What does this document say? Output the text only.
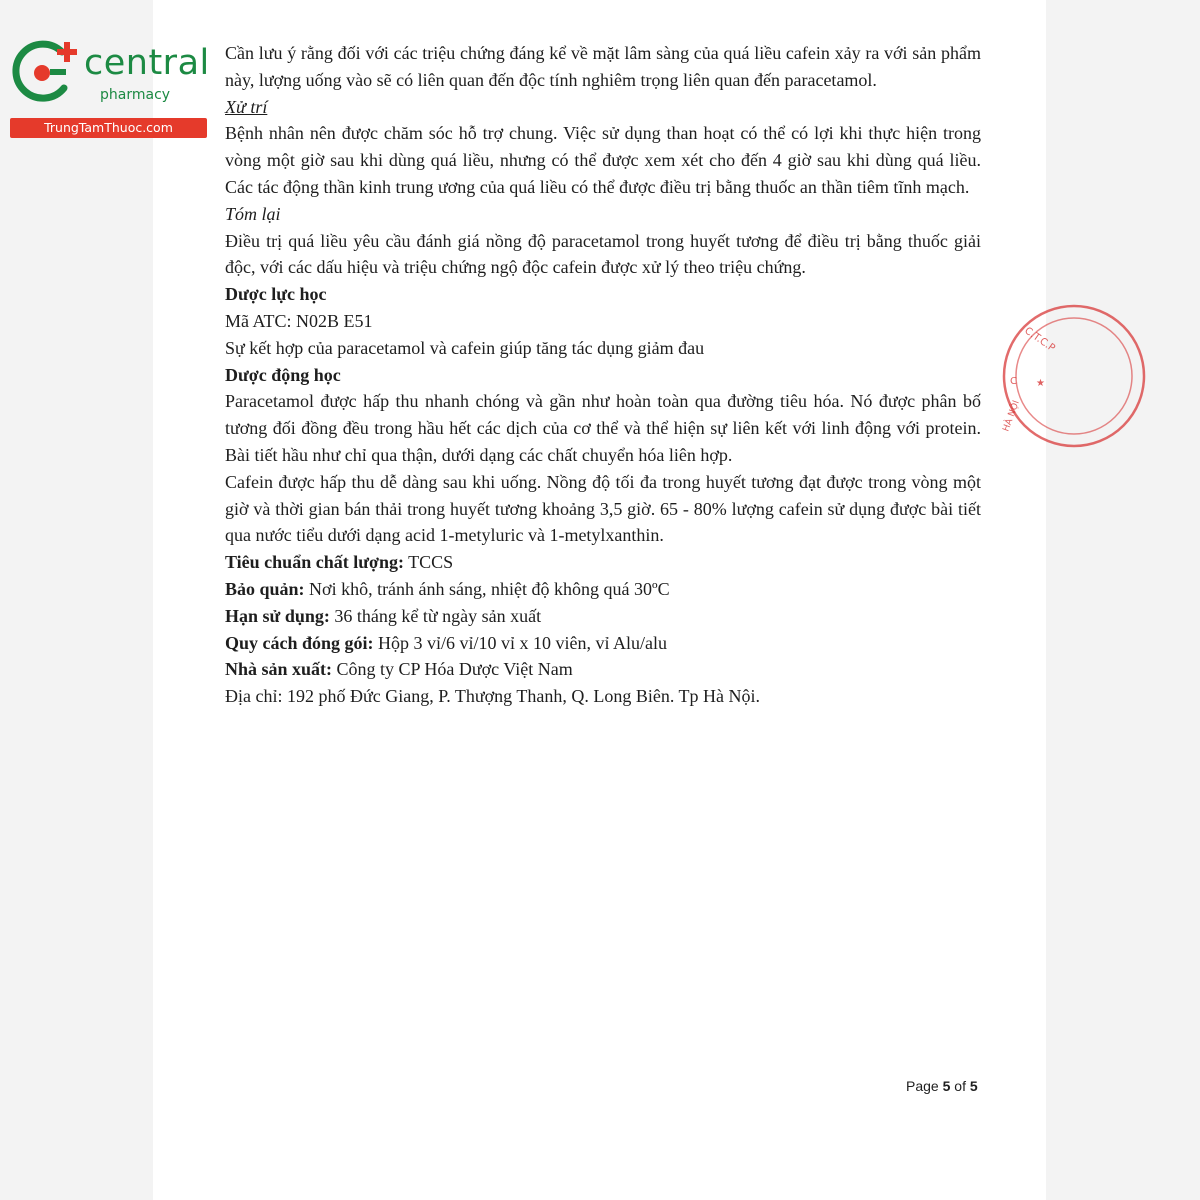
central
pharmacy
TrungTamThuoc.com

Cần lưu ý rằng đối với các triệu chứng đáng kể về mặt lâm sàng của quá liều cafein xảy ra với sản phẩm này, lượng uống vào sẽ có liên quan đến độc tính nghiêm trọng liên quan đến paracetamol.

Xử trí

Bệnh nhân nên được chăm sóc hỗ trợ chung. Việc sử dụng than hoạt có thể có lợi khi thực hiện trong vòng một giờ sau khi dùng quá liều, nhưng có thể được xem xét cho đến 4 giờ sau khi dùng quá liều. Các tác động thần kinh trung ương của quá liều có thể được điều trị bằng thuốc an thần tiêm tĩnh mạch.

Tóm lại

Điều trị quá liều yêu cầu đánh giá nồng độ paracetamol trong huyết tương để điều trị bằng thuốc giải độc, với các dấu hiệu và triệu chứng ngộ độc cafein được xử lý theo triệu chứng.

Dược lực học

Mã ATC: N02B E51

Sự kết hợp của paracetamol và cafein giúp tăng tác dụng giảm đau

Dược động học

Paracetamol được hấp thu nhanh chóng và gần như hoàn toàn qua đường tiêu hóa. Nó được phân bố tương đối đồng đều trong hầu hết các dịch của cơ thể và thể hiện sự liên kết với linh động với protein. Bài tiết hầu như chỉ qua thận, dưới dạng các chất chuyển hóa liên hợp.

Cafein được hấp thu dễ dàng sau khi uống. Nồng độ tối đa trong huyết tương đạt được trong vòng một giờ và thời gian bán thải trong huyết tương khoảng 3,5 giờ. 65 - 80% lượng cafein sử dụng được bài tiết qua nước tiểu dưới dạng acid 1-metyluric và 1-metylxanthin.

Tiêu chuẩn chất lượng: TCCS

Bảo quản: Nơi khô, tránh ánh sáng, nhiệt độ không quá 30ºC

Hạn sử dụng: 36 tháng kể từ ngày sản xuất

Quy cách đóng gói: Hộp 3 vỉ/6 vỉ/10 vỉ x 10 viên, vỉ Alu/alu

Nhà sản xuất: Công ty CP Hóa Dược Việt Nam

Địa chỉ: 192 phố Đức Giang, P. Thượng Thanh, Q. Long Biên. Tp Hà Nội.

Page 5 of 5
C.T.C.P
C ★
HÀ NỘI
